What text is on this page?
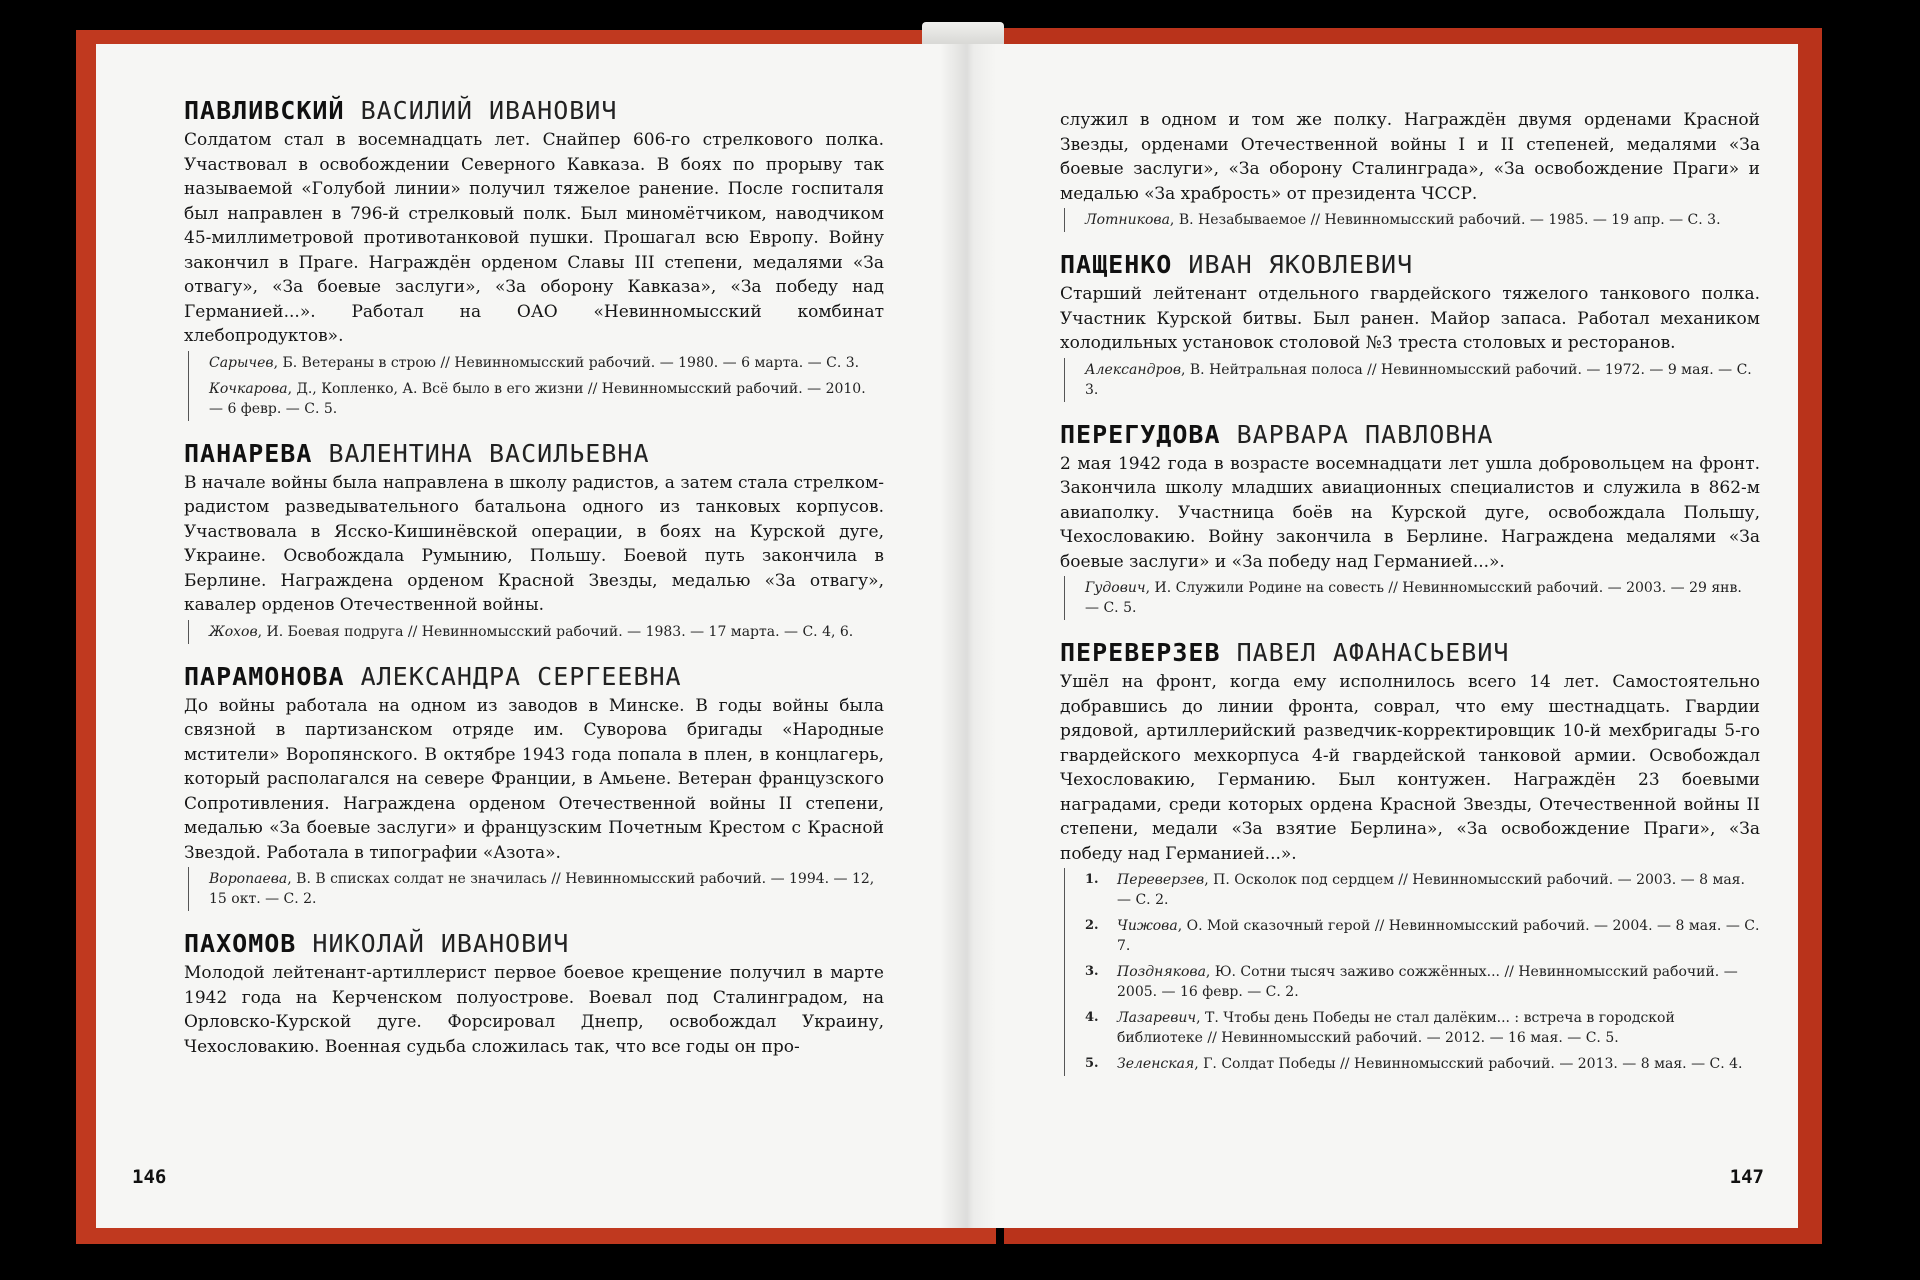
ПАВЛИВСКИЙ ВАСИЛИЙ ИВАНОВИЧ

Солдатом стал в восемнадцать лет. Снайпер 606-го стрелкового полка. Участвовал в освобождении Северного Кавказа. В боях по прорыву так называемой «Голубой линии» получил тяжелое ранение. После госпиталя был направлен в 796-й стрелковый полк. Был миномётчиком, наводчиком 45-миллиметровой противотанковой пушки. Прошагал всю Европу. Войну закончил в Праге. Награждён орденом Славы III степени, медалями «За отвагу», «За боевые заслуги», «За оборону Кавказа», «За победу над Германией...». Работал на ОАО «Невинномысский комбинат хлебопродуктов».

Сарычев, Б. Ветераны в строю // Невинномысский рабочий. — 1980. — 6 марта. — С. 3.

Кочкарова, Д., Копленко, А. Всё было в его жизни // Невинномысский рабочий. — 2010. — 6 февр. — С. 5.

ПАНАРЕВА ВАЛЕНТИНА ВАСИЛЬЕВНА

В начале войны была направлена в школу радистов, а затем стала стрелком-радистом разведывательного батальона одного из танковых корпусов. Участвовала в Ясско-Кишинёвской операции, в боях на Курской дуге, Украине. Освобождала Румынию, Польшу. Боевой путь закончила в Берлине. Награждена орденом Красной Звезды, медалью «За отвагу», кавалер орденов Отечественной войны.

Жохов, И. Боевая подруга // Невинномысский рабочий. — 1983. — 17 марта. — С. 4, 6.

ПАРАМОНОВА АЛЕКСАНДРА СЕРГЕЕВНА

До войны работала на одном из заводов в Минске. В годы войны была связной в партизанском отряде им. Суворова бригады «Народные мстители» Воропянского. В октябре 1943 года попала в плен, в концлагерь, который располагался на севере Франции, в Амьене. Ветеран французского Сопротивления. Награждена орденом Отечественной войны II степени, медалью «За боевые заслуги» и французским Почетным Крестом с Красной Звездой. Работала в типографии «Азота».

Воропаева, В. В списках солдат не значилась // Невинномысский рабочий. — 1994. — 12, 15 окт. — С. 2.

ПАХОМОВ НИКОЛАЙ ИВАНОВИЧ

Молодой лейтенант-артиллерист первое боевое крещение получил в марте 1942 года на Керченском полуострове. Воевал под Сталинградом, на Орловско-Курской дуге. Форсировал Днепр, освобождал Украину, Чехословакию. Военная судьба сложилась так, что все годы он про-

146

служил в одном и том же полку. Награждён двумя орденами Красной Звезды, орденами Отечественной войны I и II степеней, медалями «За боевые заслуги», «За оборону Сталинграда», «За освобождение Праги» и медалью «За храбрость» от президента ЧССР.

Лотникова, В. Незабываемое // Невинномысский рабочий. — 1985. — 19 апр. — С. 3.

ПАЩЕНКО ИВАН ЯКОВЛЕВИЧ

Старший лейтенант отдельного гвардейского тяжелого танкового полка. Участник Курской битвы. Был ранен. Майор запаса. Работал механиком холодильных установок столовой №3 треста столовых и ресторанов.

Александров, В. Нейтральная полоса // Невинномысский рабочий. — 1972. — 9 мая. — С. 3.

ПЕРЕГУДОВА ВАРВАРА ПАВЛОВНА

2 мая 1942 года в возрасте восемнадцати лет ушла добровольцем на фронт. Закончила школу младших авиационных специалистов и служила в 862-м авиаполку. Участница боёв на Курской дуге, освобождала Польшу, Чехословакию. Войну закончила в Берлине. Награждена медалями «За боевые заслуги» и «За победу над Германией...».

Гудович, И. Служили Родине на совесть // Невинномысский рабочий. — 2003. — 29 янв. — С. 5.

ПЕРЕВЕРЗЕВ ПАВЕЛ АФАНАСЬЕВИЧ

Ушёл на фронт, когда ему исполнилось всего 14 лет. Самостоятельно добравшись до линии фронта, соврал, что ему шестнадцать. Гвардии рядовой, артиллерийский разведчик-корректировщик 10-й мехбригады 5-го гвардейского мехкорпуса 4-й гвардейской танковой армии. Освобождал Чехословакию, Германию. Был контужен. Награждён 23 боевыми наградами, среди которых ордена Красной Звезды, Отечественной войны II степени, медали «За взятие Берлина», «За освобождение Праги», «За победу над Германией...».

1.	Переверзев, П. Осколок под сердцем // Невинномысский рабочий. — 2003. — 8 мая. — С. 2.
2.	Чижова, О. Мой сказочный герой // Невинномысский рабочий. — 2004. — 8 мая. — С. 7.
3.	Позднякова, Ю. Сотни тысяч заживо сожжённых... // Невинномысский рабочий. — 2005. — 16 февр. — С. 2.
4.	Лазаревич, Т. Чтобы день Победы не стал далёким... : встреча в городской библиотеке // Невинномысский рабочий. — 2012. — 16 мая. — С. 5.
5.	Зеленская, Г. Солдат Победы // Невинномысский рабочий. — 2013. — 8 мая. — С. 4.
147
